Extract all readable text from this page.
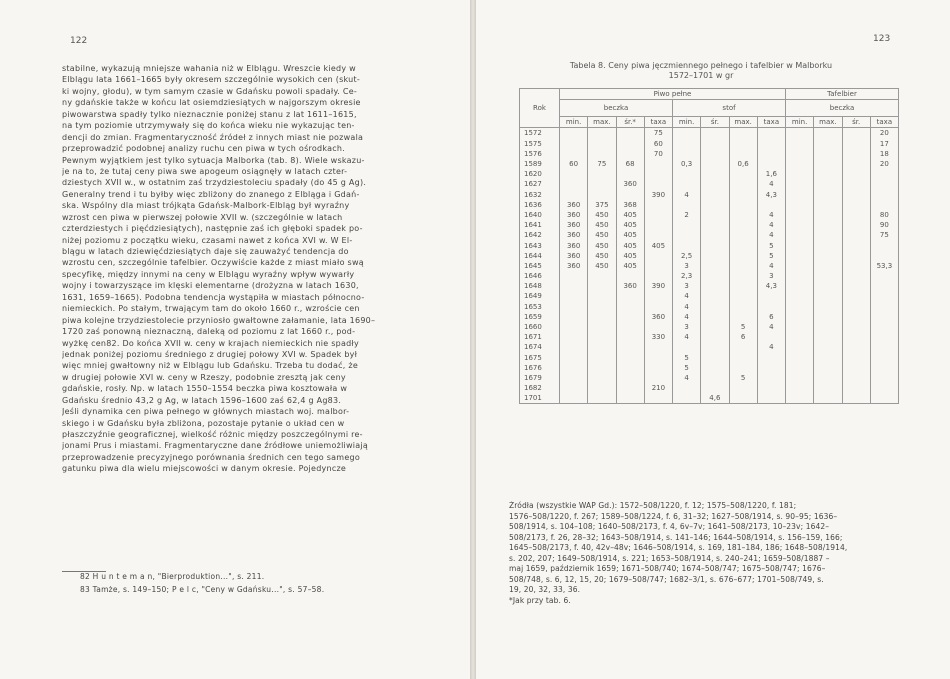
122
stabilne, wykazują mniejsze wahania niż w Elblągu. Wreszcie kiedy w
Elblągu lata 1661–1665 były okresem szczególnie wysokich cen (skut-
ki wojny, głodu), w tym samym czasie w Gdańsku powoli spadały. Ce-
ny gdańskie także w końcu lat osiemdziesiątych w najgorszym okresie
piwowarstwa spadły tylko nieznacznie poniżej stanu z lat 1611–1615,
na tym poziomie utrzymywały się do końca wieku nie wykazując ten-
dencji do zmian. Fragmentaryczność źródeł z innych miast nie pozwala
przeprowadzić podobnej analizy ruchu cen piwa w tych ośrodkach.
Pewnym wyjątkiem jest tylko sytuacja Malborka (tab. 8). Wiele wskazu-
je na to, że tutaj ceny piwa swe apogeum osiągnęły w latach czter-
dziestych XVII w., w ostatnim zaś trzydziestoleciu spadały (do 45 g Ag).
Generalny trend i tu byłby więc zbliżony do znanego z Elbląga i Gdań-
ska. Wspólny dla miast trójkąta Gdańsk-Malbork-Elbląg był wyraźny
wzrost cen piwa w pierwszej połowie XVII w. (szczególnie w latach
czterdziestych i pięćdziesiątych), następnie zaś ich głęboki spadek po-
niżej poziomu z początku wieku, czasami nawet z końca XVI w. W El-
blągu w latach dziewięćdziesiątych daje się zauważyć tendencja do
wzrostu cen, szczególnie tafelbier. Oczywiście każde z miast miało swą
specyfikę, między innymi na ceny w Elblągu wyraźny wpływ wywarły
wojny i towarzyszące im klęski elementarne (drożyzna w latach 1630,
1631, 1659–1665). Podobna tendencja wystąpiła w miastach północno-
niemieckich. Po stałym, trwającym tam do około 1660 r., wzroście cen
piwa kolejne trzydziestolecie przyniosło gwałtowne załamanie, lata 1690–
1720 zaś ponowną nieznaczną, daleką od poziomu z lat 1660 r., pod-
wyżkę cen82. Do końca XVII w. ceny w krajach niemieckich nie spadły
jednak poniżej poziomu średniego z drugiej połowy XVI w. Spadek był
więc mniej gwałtowny niż w Elblągu lub Gdańsku. Trzeba tu dodać, że
w drugiej połowie XVI w. ceny w Rzeszy, podobnie zresztą jak ceny
gdańskie, rosły. Np. w latach 1550–1554 beczka piwa kosztowała w
Gdańsku średnio 43,2 g Ag, w latach 1596–1600 zaś 62,4 g Ag83.
Jeśli dynamika cen piwa pełnego w głównych miastach woj. malbor-
skiego i w Gdańsku była zbliżona, pozostaje pytanie o układ cen w
płaszczyźnie geograficznej, wielkość różnic między poszczególnymi re-
jonami Prus i miastami. Fragmentaryczne dane źródłowe uniemożliwiają
przeprowadzenie precyzyjnego porównania średnich cen tego samego
gatunku piwa dla wielu miejscowości w danym okresie. Pojedyncze
82 H u n t e m a n, "Bierproduktion...", s. 211.
83 Tamże, s. 149–150; P e l c, "Ceny w Gdańsku...", s. 57–58.
123
Tabela 8. Ceny piwa jęczmiennego pełnego i tafelbier w Malborku
1572–1701 w gr
Rok	Piwo pełne								Tafelbier			
	beczka				stof				beczka			
	min.	max.	śr.*	taxa	min.	śr.	max.	taxa	min.	max.	śr.	taxa
1572				75								20
1575				60								17
1576				70								18
1589	60	75	68		0,3		0,6					20
1620								1,6				
1627			360					4				
1632				390	4			4,3				
1636	360	375	368									
1640	360	450	405		2			4				80
1641	360	450	405					4				90
1642	360	450	405					4				75
1643	360	450	405	405				5				
1644	360	450	405		2,5			5				
1645	360	450	405		3			4				53,3
1646					2,3			3				
1648			360	390	3			4,3				
1649					4							
1653					4							
1659				360	4			6				
1660					3		5	4				
1671				330	4		6					
1674								4				
1675					5							
1676					5							
1679					4		5					
1682				210								
1701						4,6						
Źródła (wszystkie WAP Gd.): 1572–508/1220, f. 12; 1575–508/1220, f. 181;
1576–508/1220, f. 267; 1589–508/1224, f. 6, 31–32; 1627–508/1914, s. 90–95; 1636–
508/1914, s. 104–108; 1640–508/2173, f. 4, 6v–7v; 1641–508/2173, 10–23v; 1642–
508/2173, f. 26, 28–32; 1643–508/1914, s. 141–146; 1644–508/1914, s. 156–159, 166;
1645–508/2173, f. 40, 42v–48v; 1646–508/1914, s. 169, 181–184, 186; 1648–508/1914,
s. 202, 207; 1649–508/1914, s. 221; 1653–508/1914, s. 240–241; 1659–508/1887 –
maj 1659, październik 1659; 1671–508/740; 1674–508/747; 1675–508/747; 1676–
508/748, s. 6, 12, 15, 20; 1679–508/747; 1682–3/1, s. 676–677; 1701–508/749, s.
19, 20, 32, 33, 36.
*Jak przy tab. 6.
